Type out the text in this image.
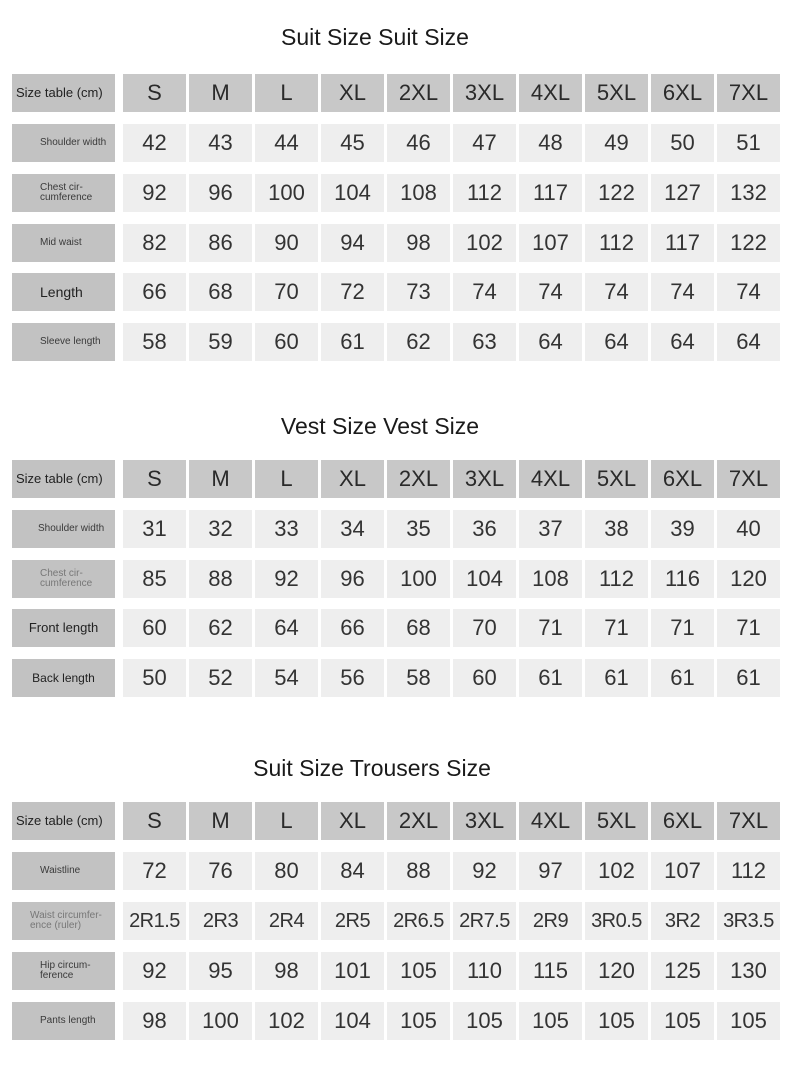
Suit Size Suit Size
Size table (cm)	S	M	L	XL	2XL	3XL	4XL	5XL	6XL	7XL
Shoulder width	42	43	44	45	46	47	48	49	50	51
Chest cir-cumference	92	96	100	104	108	112	117	122	127	132
Mid waist	82	86	90	94	98	102	107	112	117	122
Length	66	68	70	72	73	74	74	74	74	74
Sleeve length	58	59	60	61	62	63	64	64	64	64
Vest Size Vest Size
Size table (cm)	S	M	L	XL	2XL	3XL	4XL	5XL	6XL	7XL
Shoulder width	31	32	33	34	35	36	37	38	39	40
Chest cir-cumference	85	88	92	96	100	104	108	112	116	120
Front length	60	62	64	66	68	70	71	71	71	71
Back length	50	52	54	56	58	60	61	61	61	61
Suit Size Trousers Size
Size table (cm)	S	M	L	XL	2XL	3XL	4XL	5XL	6XL	7XL
Waistline	72	76	80	84	88	92	97	102	107	112
Waist circumfer-ence (ruler)	2R1.5	2R3	2R4	2R5	2R6.5 2R7.5	2R9	3R0.5	3R2	3R3.5
Hip circum-ference	92	95	98	101	105	110	115	120	125	130
Pants length	98	100	102	104	105	105	105	105	105	105
